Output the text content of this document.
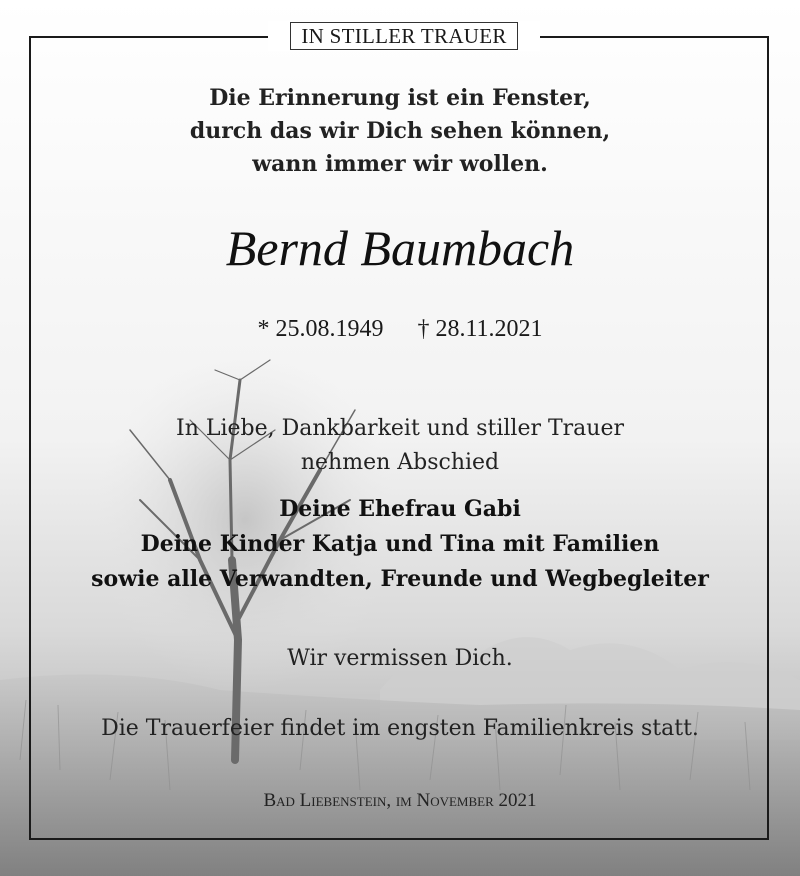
IN STILLER TRAUER
Die Erinnerung ist ein Fenster,
durch das wir Dich sehen können,
wann immer wir wollen.
Bernd Baumbach
* 25.08.1949 † 28.11.2021
In Liebe, Dankbarkeit und stiller Trauer
nehmen Abschied
Deine Ehefrau Gabi
Deine Kinder Katja und Tina mit Familien
sowie alle Verwandten, Freunde und Wegbegleiter
Wir vermissen Dich.
Die Trauerfeier findet im engsten Familienkreis statt.
Bad Liebenstein, im November 2021
